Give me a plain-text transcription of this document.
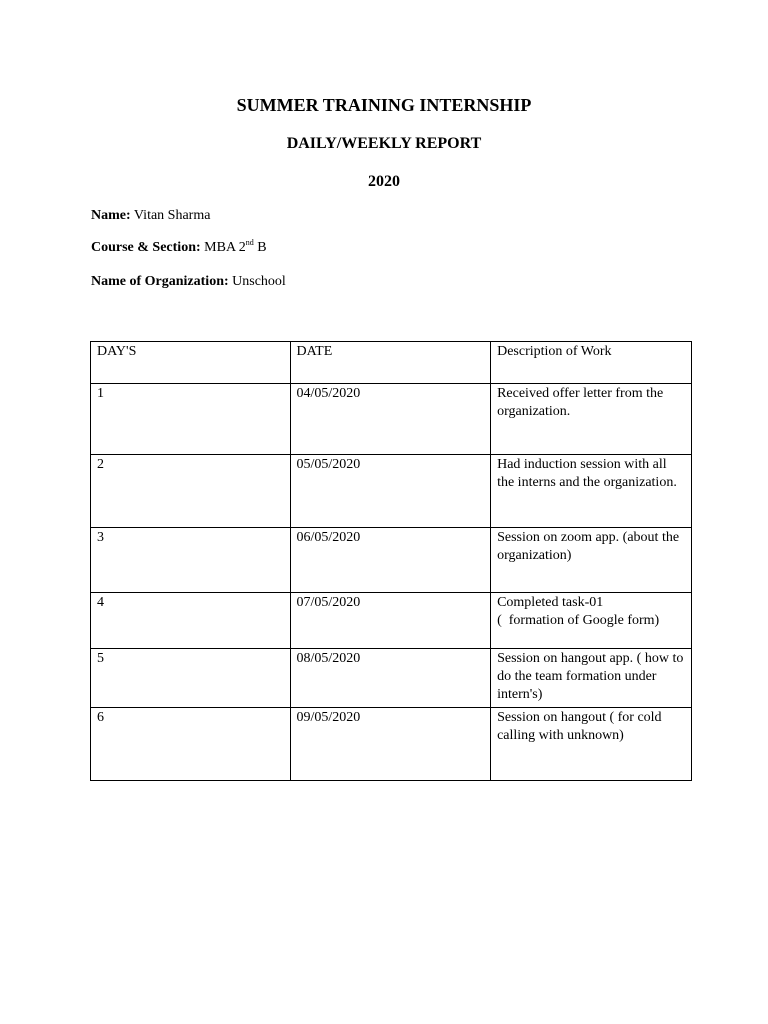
SUMMER TRAINING INTERNSHIP
DAILY/WEEKLY REPORT
2020
Name: Vitan Sharma
Course & Section: MBA 2nd B
Name of Organization: Unschool
DAY'S	DATE	Description of Work
1	04/05/2020	Received offer letter from the organization.
2	05/05/2020	Had induction session with all the interns and the organization.
3	06/05/2020	Session on zoom app. (about the organization)
4	07/05/2020	Completed task-01
(  formation of Google form)

5	08/05/2020	Session on hangout app. ( how to do the team formation under intern's)
6	09/05/2020	Session on hangout ( for cold calling with unknown)
